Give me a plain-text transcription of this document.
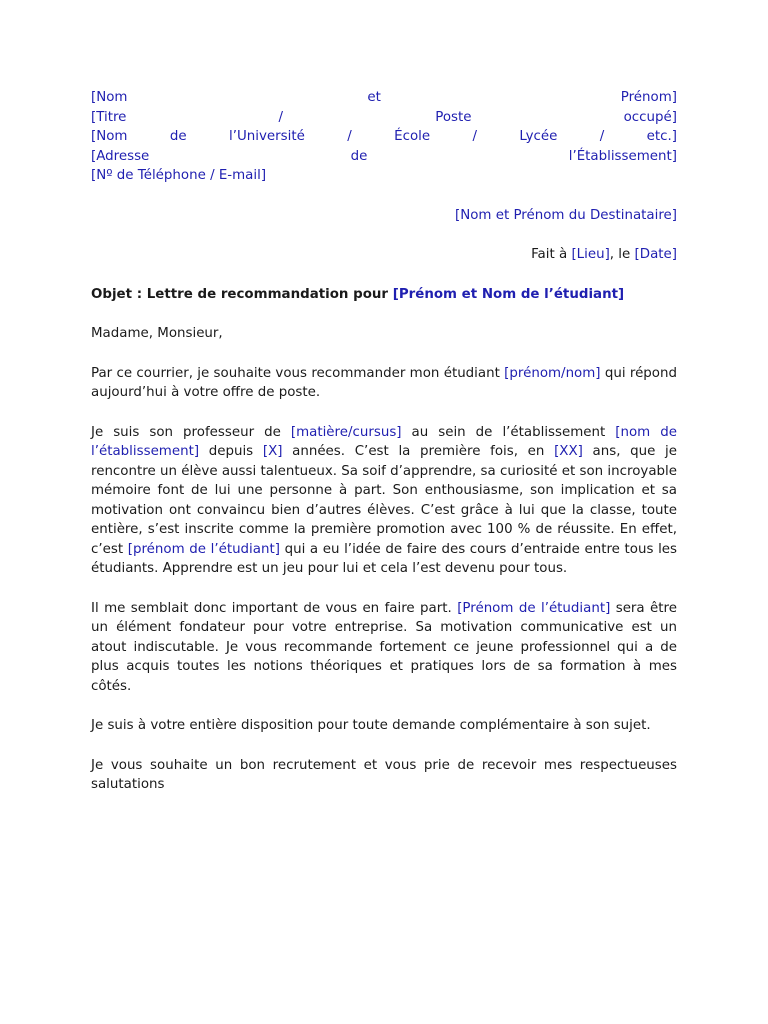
[Nom et Prénom]
[Titre / Poste occupé]
[Nom de l’Université / École / Lycée / etc.]
[Adresse de l’Établissement]
[Nº de Téléphone / E-mail]
[Nom et Prénom du Destinataire]
Fait à [Lieu], le [Date]

Objet : Lettre de recommandation pour [Prénom et Nom de l’étudiant]

Madame, Monsieur,

Par ce courrier, je souhaite vous recommander mon étudiant [prénom/nom] qui répond aujourd’hui à votre offre de poste.

Je suis son professeur de [matière/cursus] au sein de l’établissement [nom de l’établissement] depuis [X] années. C’est la première fois, en [XX] ans, que je rencontre un élève aussi talentueux. Sa soif d’apprendre, sa curiosité et son incroyable mémoire font de lui une personne à part. Son enthousiasme, son implication et sa motivation ont convaincu bien d’autres élèves. C’est grâce à lui que la classe, toute entière, s’est inscrite comme la première promotion avec 100 % de réussite. En effet, c’est [prénom de l’étudiant] qui a eu l’idée de faire des cours d’entraide entre tous les étudiants. Apprendre est un jeu pour lui et cela l’est devenu pour tous.

Il me semblait donc important de vous en faire part. [Prénom de l’étudiant] sera être un élément fondateur pour votre entreprise. Sa motivation communicative est un atout indiscutable. Je vous recommande fortement ce jeune professionnel qui a de plus acquis toutes les notions théoriques et pratiques lors de sa formation à mes côtés.

Je suis à votre entière disposition pour toute demande complémentaire à son sujet.

Je vous souhaite un bon recrutement et vous prie de recevoir mes respectueuses salutations
